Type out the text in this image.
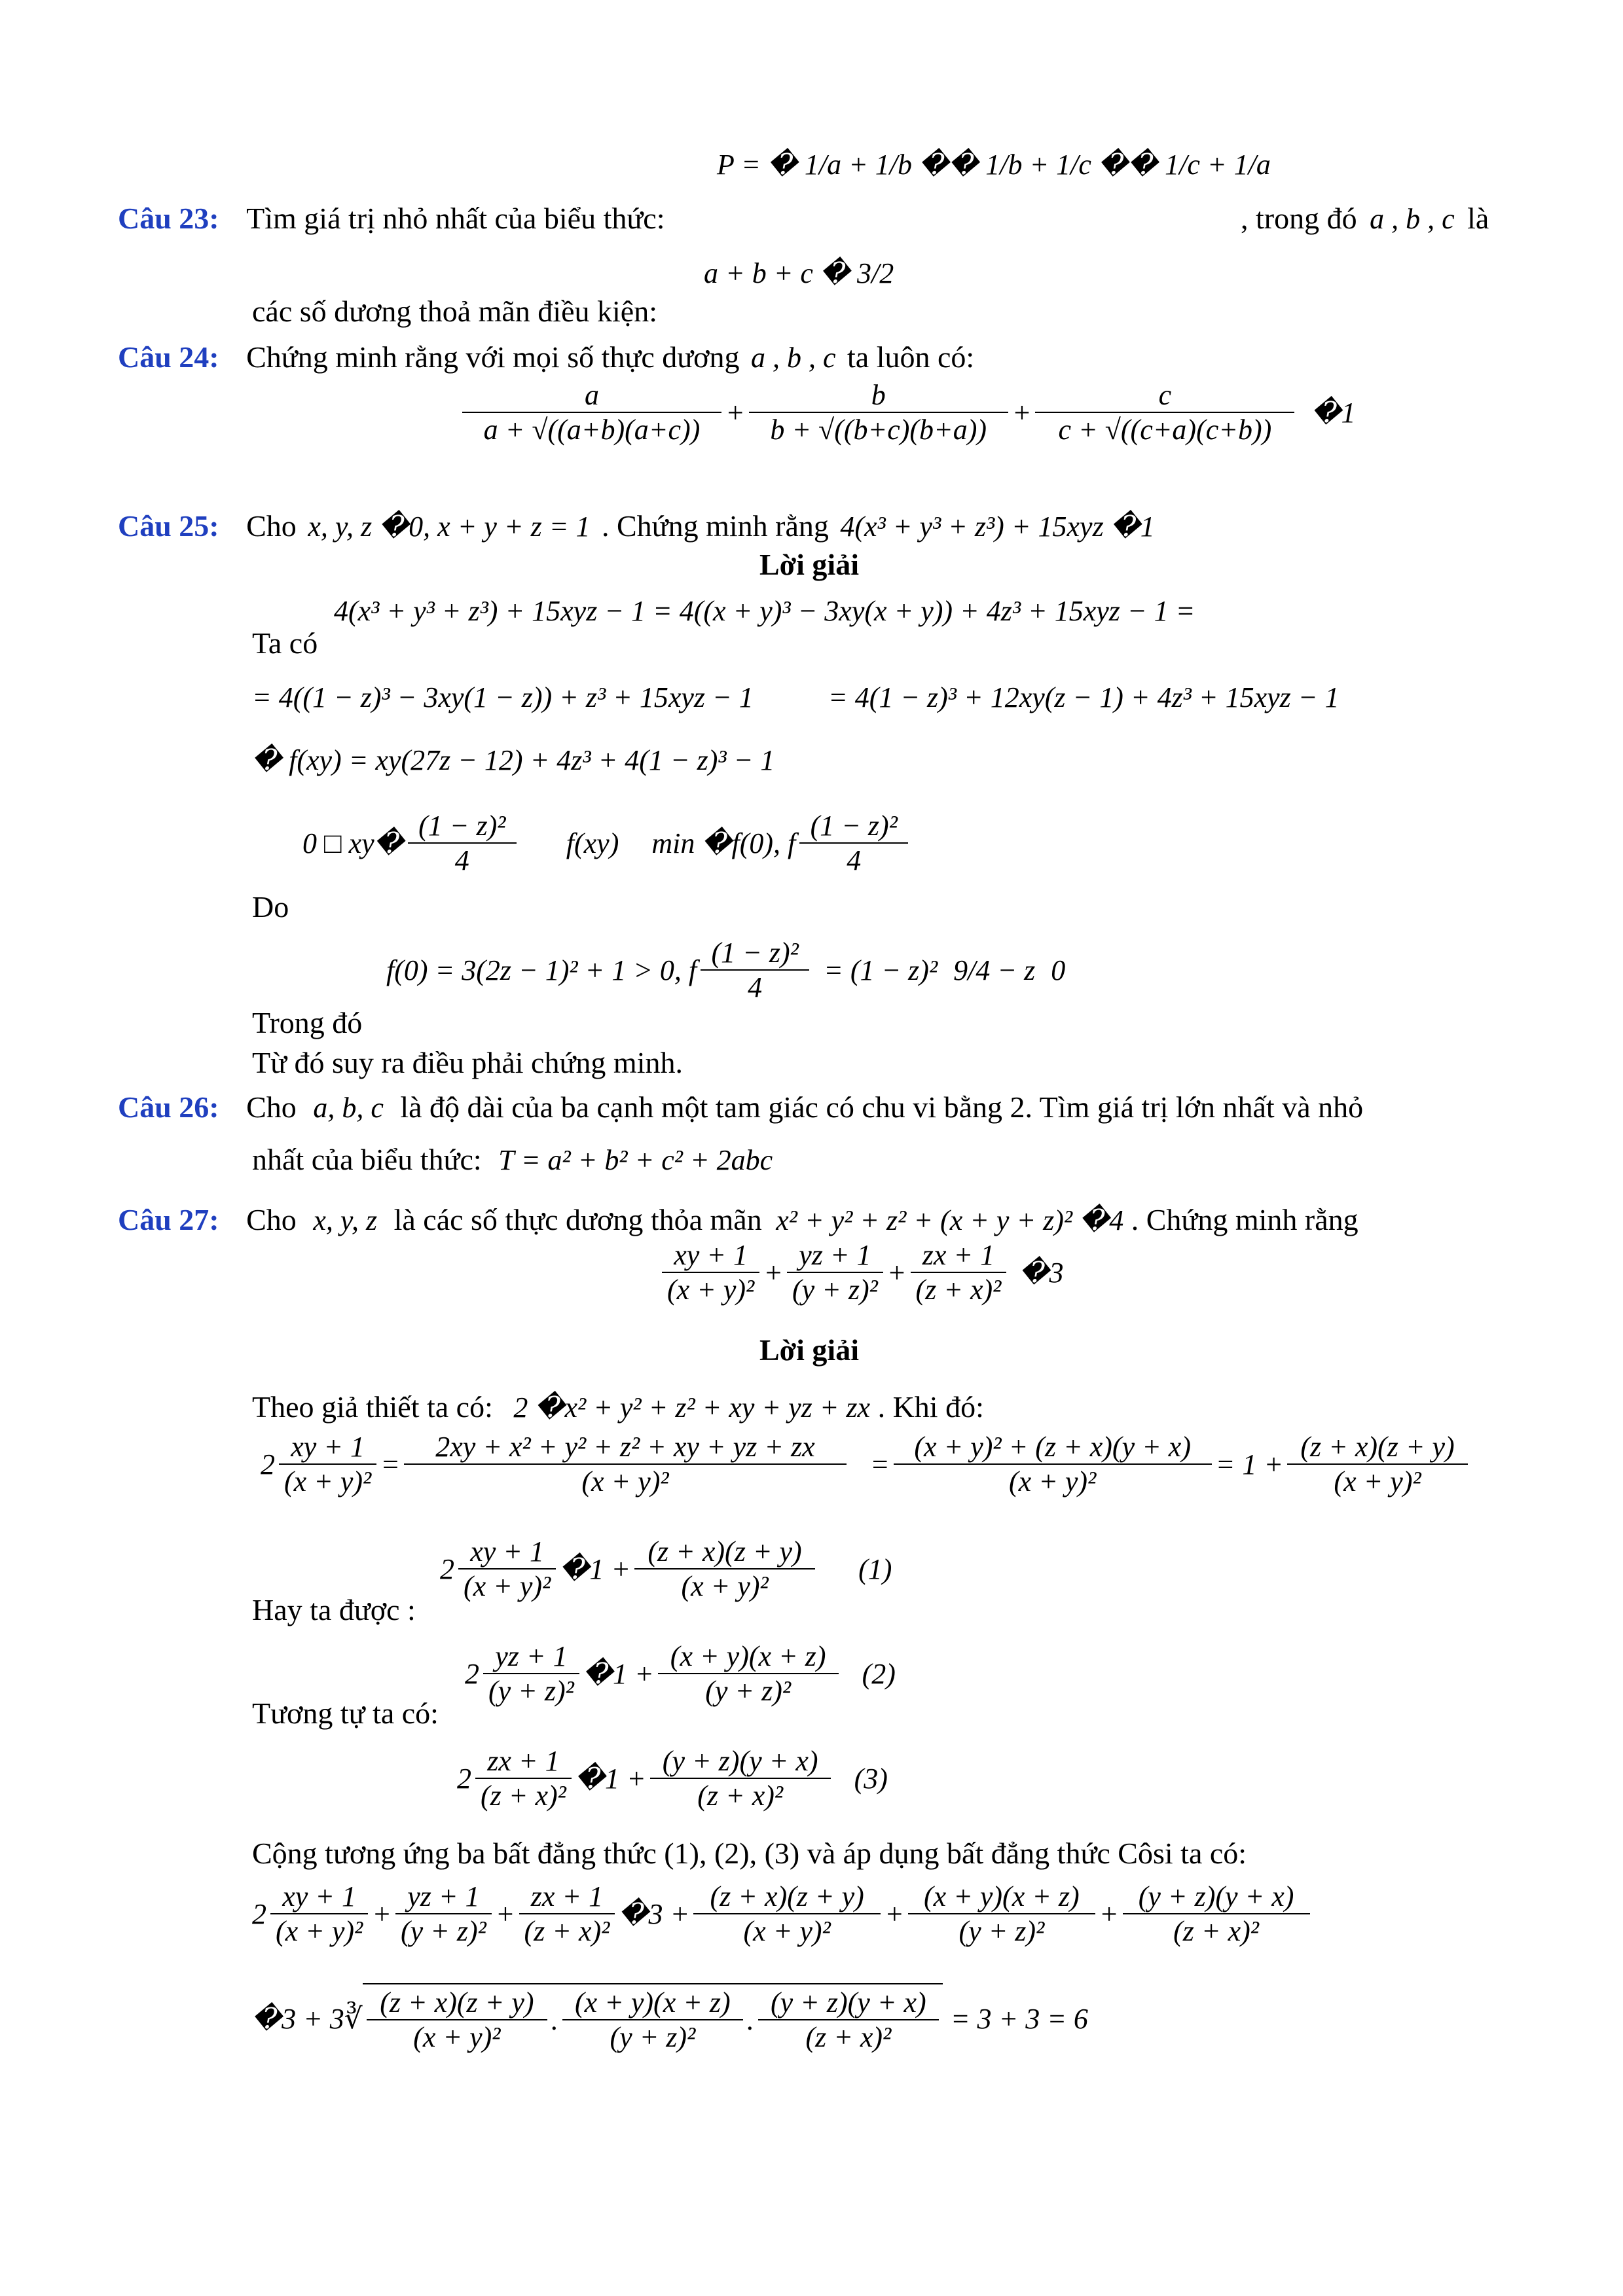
Câu 23: Tìm giá trị nhỏ nhất của biểu thức:
P = � 1/a + 1/b �� 1/b + 1/c �� 1/c + 1/a
, trong đó a , b , c là
a + b + c � 3/2
các số dương thoả mãn điều kiện:
Câu 24: Chứng minh rằng với mọi số thực dương a , b , c ta luôn có:
$\frac{a}{a + √((a+b)(a+c))} + \frac{b}{b + √((b+c)(b+a))} + \frac{c}{c + √((c+a)(c+b))}$ �1
Câu 25: Cho x, y, z �0, x + y + z = 1 . Chứng minh rằng 4(x³ + y³ + z³) + 15xyz �1
Lời giải
Ta có
4(x³ + y³ + z³) + 15xyz − 1 = 4((x + y)³ − 3xy(x + y)) + 4z³ + 15xyz − 1 =
= 4((1 − z)³ − 3xy(1 − z)) + z³ + 15xyz − 1	= 4(1 − z)³ + 12xy(z − 1) + 4z³ + 15xyz − 1
� f(xy) = xy(27z − 12) + 4z³ + 4(1 − z)³ − 1
Do
0 □ xy� $\frac{\text{(1 − z)²}}{4} f(xy)$ min �f(0), f $\frac{\text{(1 − z)²}}{4}$
Trong đó
f(0) = 3(2z − 1)² + 1 > 0, f $\frac{\text{(1 − z)²}}{4} = (1 - z)^2$ 9/4 − z 0
Từ đó suy ra điều phải chứng minh.
Câu 26: Cho a, b, c là độ dài của ba cạnh một tam giác có chu vi bằng 2. Tìm giá trị lớn nhất và nhỏ
nhất của biểu thức: T = a² + b² + c² + 2abc
Câu 27: Cho x, y, z là các số thực dương thỏa mãn x² + y² + z² + (x + y + z)² �4 . Chứng minh rằng
$\frac{xy + 1}{\text{(x + y)²}} + \frac{yz + 1}{\text{(y + z)²}} + \frac{zx + 1}{\text{(z + x)²}}$ �3
Lời giải
Theo giả thiết ta có: 2 �x² + y² + z² + xy + yz + zx . Khi đó:
$2 \frac{xy + 1}{\text{(x + y)²}} = \frac{\text{2xy + x² + y² + z² + xy + yz + zx}}{\text{(x + y)²}} = \frac{\text{(x + y)² + (z + x)(y + x)}}{\text{(x + y)²}} = 1 + \frac{(z + x)(z + y)}{\text{(x + y)²}}$
Hay ta được :
$2 \frac{xy + 1}{\text{(x + y)²}}$ �1 + $\frac{(z + x)(z + y)}{\text{(x + y)²}} (1)$
Tương tự ta có:
$2 \frac{yz + 1}{\text{(y + z)²}}$ �1 + $\frac{(x + y)(x + z)}{\text{(y + z)²}} (2)$
$2 \frac{zx + 1}{\text{(z + x)²}}$ �1 + $\frac{(y + z)(y + x)}{\text{(z + x)²}} (3)$
Cộng tương ứng ba bất đẳng thức (1), (2), (3) và áp dụng bất đẳng thức Côsi ta có:
$2 \frac{xy + 1}{\text{(x + y)²}} + \frac{yz + 1}{\text{(y + z)²}} + \frac{zx + 1}{\text{(z + x)²}}$ �3 + $\frac{(z + x)(z + y)}{\text{(x + y)²}} + \frac{(x + y)(x + z)}{\text{(y + z)²}} + \frac{(y + z)(y + x)}{\text{(z + x)²}}$
�3 + 3∛ $\frac{(z + x)(z + y)}{\text{(x + y)²}}$ . $\frac{(x + y)(x + z)}{\text{(y + z)²}}$ . $\frac{(y + z)(y + x)}{\text{(z + x)²}} = 3 + 3 = 6$
